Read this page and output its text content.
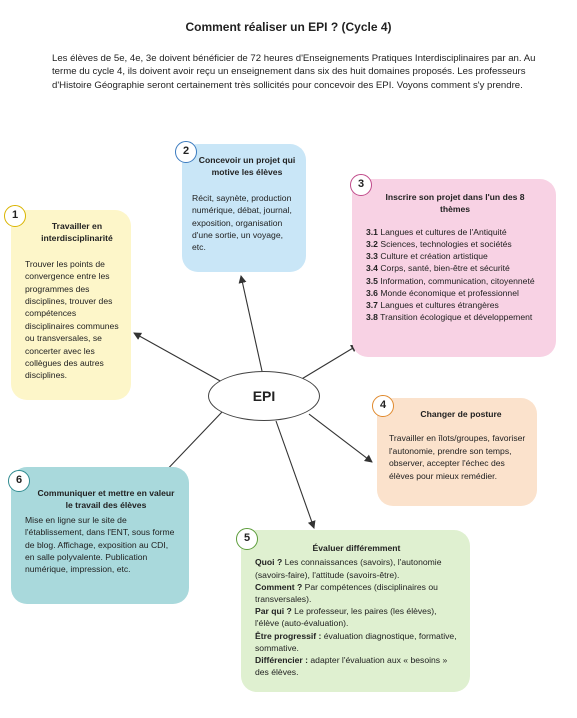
Comment réaliser un EPI ? (Cycle 4)
Les élèves de 5e, 4e, 3e doivent bénéficier de 72 heures d'Enseignements Pratiques Interdisciplinaires par an. Au terme du cycle 4, ils doivent avoir reçu un enseignement dans six des huit domaines proposés. Les professeurs d'Histoire Géographie seront certainement très sollicités pour concevoir des EPI. Voyons comment s'y prendre.
EPI
Travailler en interdisciplinarité
Trouver les points de convergence entre les programmes des disciplines, trouver des compétences disciplinaires communes ou transversales, se concerter avec les collègues des autres disciplines.
1
Concevoir un projet qui motive les élèves
Récit, saynète, production numérique, débat, journal, exposition, organisation d'une sortie, un voyage, etc.
2
Inscrire son projet dans l'un des 8 thèmes

3.1 Langues et cultures de l'Antiquité

3.2 Sciences, technologies et sociétés

3.3 Culture et création artistique

3.4 Corps, santé, bien-être et sécurité

3.5 Information, communication, citoyenneté

3.6 Monde économique et professionnel

3.7 Langues et cultures étrangères

3.8 Transition écologique et développement

3
Changer de posture
Travailler en îlots/groupes, favoriser l'autonomie, prendre son temps, observer, accepter l'échec des élèves pour mieux remédier.
4
Évaluer différemment

Quoi ? Les connaissances (savoirs), l'autonomie (savoirs-faire), l'attitude (savoirs-être).

Comment ? Par compétences (disciplinaires ou transversales).

Par qui ? Le professeur, les paires (les élèves), l'élève (auto-évaluation).

Être progressif : évaluation diagnostique, formative, sommative.

Différencier : adapter l'évaluation aux « besoins » des élèves.

5
Communiquer et mettre en valeur le travail des élèves
Mise en ligne sur le site de l'établissement, dans l'ENT, sous forme de blog. Affichage, exposition au CDI, en salle polyvalente. Publication numérique, impression, etc.
6
